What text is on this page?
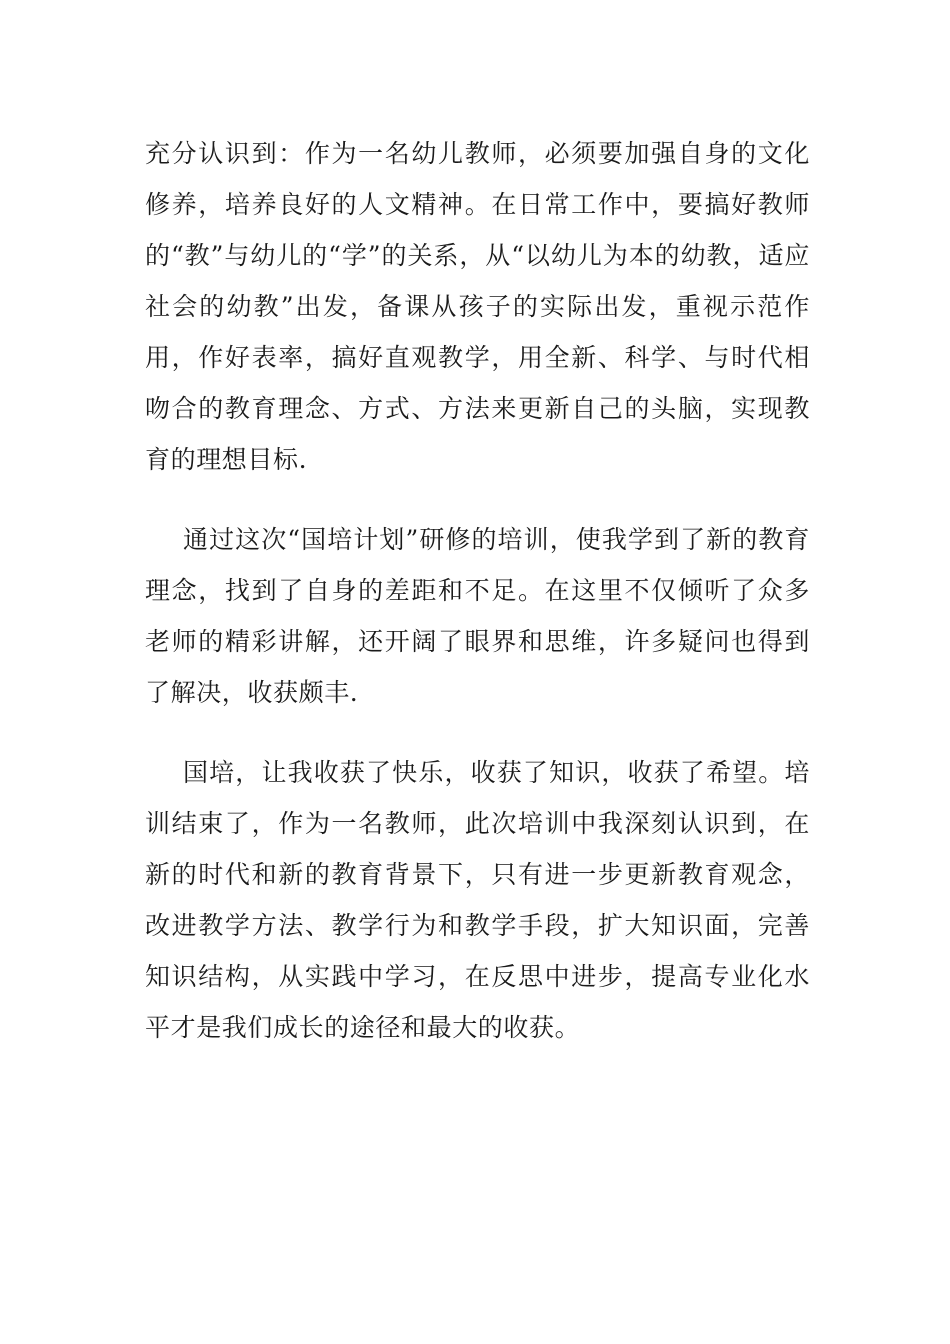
充分认识到：作为一名幼儿教师，必须要加强自身的文化修养，培养良好的人文精神。在日常工作中，要搞好教师的“教”与幼儿的“学”的关系，从“以幼儿为本的幼教，适应社会的幼教”出发，备课从孩子的实际出发，重视示范作用，作好表率，搞好直观教学，用全新、科学、与时代相吻合的教育理念、方式、方法来更新自己的头脑，实现教育的理想目标.

通过这次“国培计划”研修的培训，使我学到了新的教育理念，找到了自身的差距和不足。在这里不仅倾听了众多老师的精彩讲解，还开阔了眼界和思维，许多疑问也得到了解决，收获颇丰.

国培，让我收获了快乐，收获了知识，收获了希望。培训结束了，作为一名教师，此次培训中我深刻认识到，在新的时代和新的教育背景下，只有进一步更新教育观念，改进教学方法、教学行为和教学手段，扩大知识面，完善知识结构，从实践中学习，在反思中进步，提高专业化水平才是我们成长的途径和最大的收获。
